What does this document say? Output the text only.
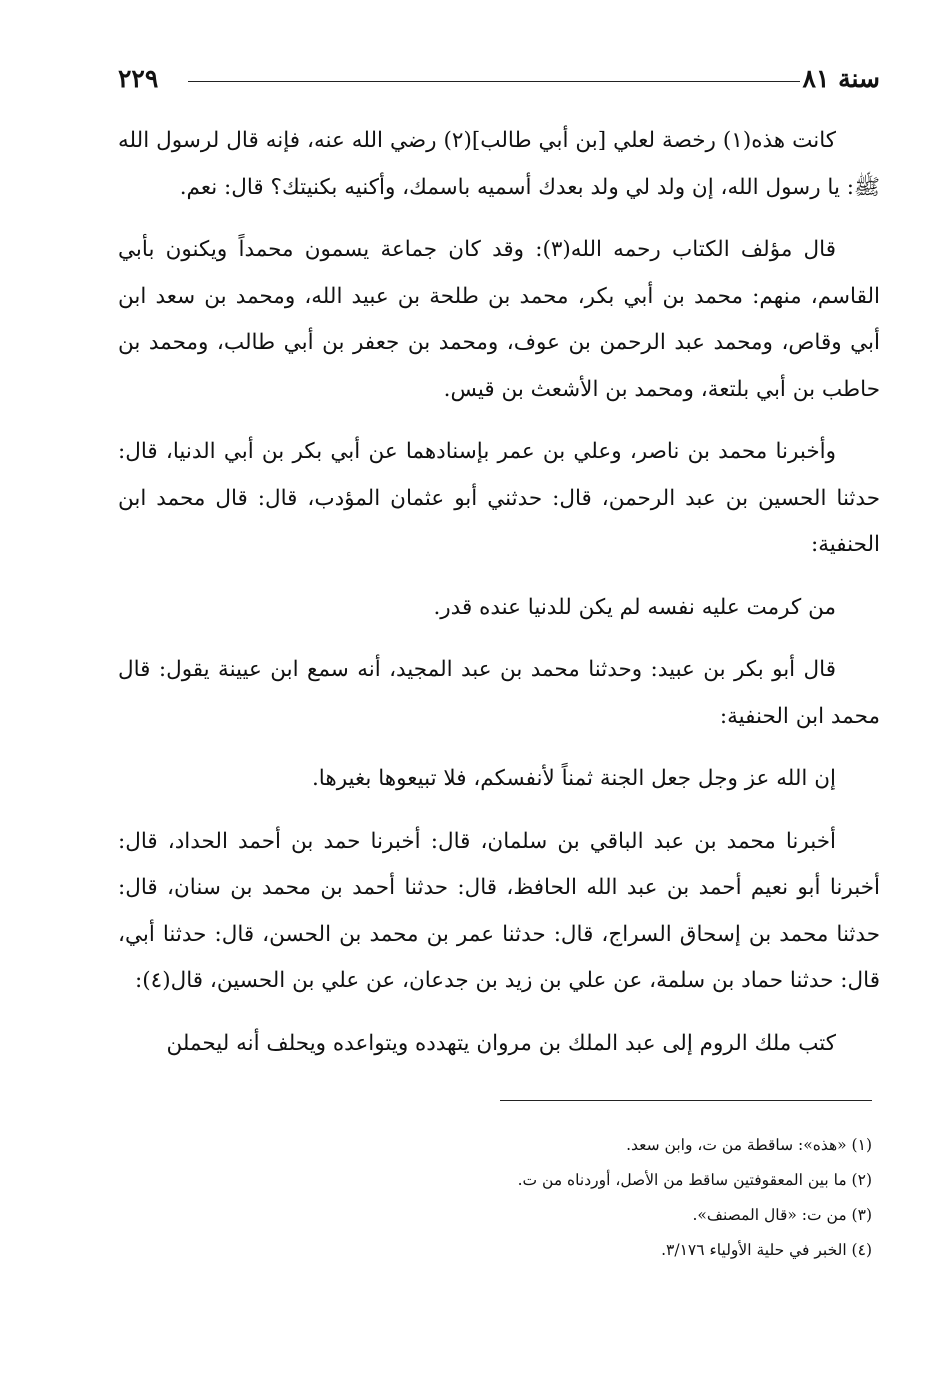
سنة ٨١
٢٢٩

كانت هذه(١) رخصة لعلي [بن أبي طالب](٢) رضي الله عنه، فإنه قال لرسول الله ﷺ: يا رسول الله، إن ولد لي ولد بعدك أسميه باسمك، وأكنيه بكنيتك؟ قال: نعم.

قال مؤلف الكتاب رحمه الله(٣): وقد كان جماعة يسمون محمداً ويكنون بأبي القاسم، منهم: محمد بن أبي بكر، محمد بن طلحة بن عبيد الله، ومحمد بن سعد ابن أبي وقاص، ومحمد عبد الرحمن بن عوف، ومحمد بن جعفر بن أبي طالب، ومحمد بن حاطب بن أبي بلتعة، ومحمد بن الأشعث بن قيس.

وأخبرنا محمد بن ناصر، وعلي بن عمر بإسنادهما عن أبي بكر بن أبي الدنيا، قال: حدثنا الحسين بن عبد الرحمن، قال: حدثني أبو عثمان المؤدب، قال: قال محمد ابن الحنفية:

من كرمت عليه نفسه لم يكن للدنيا عنده قدر.

قال أبو بكر بن عبيد: وحدثنا محمد بن عبد المجيد، أنه سمع ابن عيينة يقول: قال محمد ابن الحنفية:

إن الله عز وجل جعل الجنة ثمناً لأنفسكم، فلا تبيعوها بغيرها.

أخبرنا محمد بن عبد الباقي بن سلمان، قال: أخبرنا حمد بن أحمد الحداد، قال: أخبرنا أبو نعيم أحمد بن عبد الله الحافظ، قال: حدثنا أحمد بن محمد بن سنان، قال: حدثنا محمد بن إسحاق السراج، قال: حدثنا عمر بن محمد بن الحسن، قال: حدثنا أبي، قال: حدثنا حماد بن سلمة، عن علي بن زيد بن جدعان، عن علي بن الحسين، قال(٤):

كتب ملك الروم إلى عبد الملك بن مروان يتهدده ويتواعده ويحلف أنه ليحملن

(١) «هذه»: ساقطة من ت، وابن سعد.

(٢) ما بين المعقوفتين ساقط من الأصل، أوردناه من ت.

(٣) من ت: «قال المصنف».

(٤) الخبر في حلية الأولياء ٣/١٧٦.
